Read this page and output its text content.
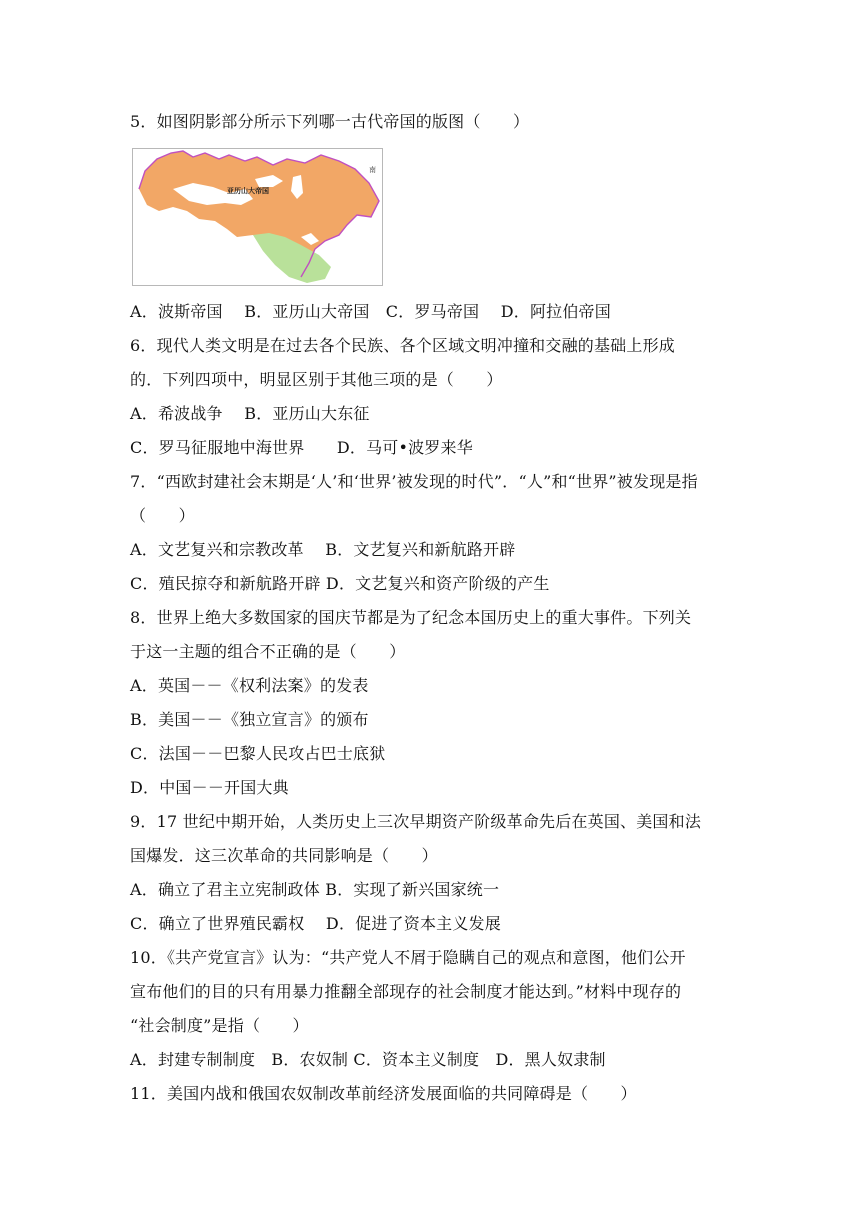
5．如图阴影部分所示下列哪一古代帝国的版图（　　）
亚历山大帝国
南
A．波斯帝国　 B．亚历山大帝国　C．罗马帝国　 D．阿拉伯帝国
6．现代人类文明是在过去各个民族、各个区域文明冲撞和交融的基础上形成
的．下列四项中，明显区别于其他三项的是（　　）
A．希波战争　 B．亚历山大东征
C．罗马征服地中海世界　　D．马可•波罗来华
7．“西欧封建社会末期是‘人’和‘世界’被发现的时代”．“人”和“世界”被发现是指
（　　）
A．文艺复兴和宗教改革　 B．文艺复兴和新航路开辟
C．殖民掠夺和新航路开辟 D．文艺复兴和资产阶级的产生
8．世界上绝大多数国家的国庆节都是为了纪念本国历史上的重大事件。下列关
于这一主题的组合不正确的是（　　）
A．英国－－《权利法案》的发表
B．美国－－《独立宣言》的颁布
C．法国－－巴黎人民攻占巴士底狱
D．中国－－开国大典
9．17 世纪中期开始，人类历史上三次早期资产阶级革命先后在英国、美国和法
国爆发．这三次革命的共同影响是（　　）
A．确立了君主立宪制政体 B．实现了新兴国家统一
C．确立了世界殖民霸权　 D．促进了资本主义发展
10．《共产党宣言》认为：“共产党人不屑于隐瞒自己的观点和意图，他们公开
宣布他们的目的只有用暴力推翻全部现存的社会制度才能达到。”材料中现存的
“社会制度”是指（　　）
A．封建专制制度　B．农奴制 C．资本主义制度　D．黑人奴隶制
11．美国内战和俄国农奴制改革前经济发展面临的共同障碍是（　　）
